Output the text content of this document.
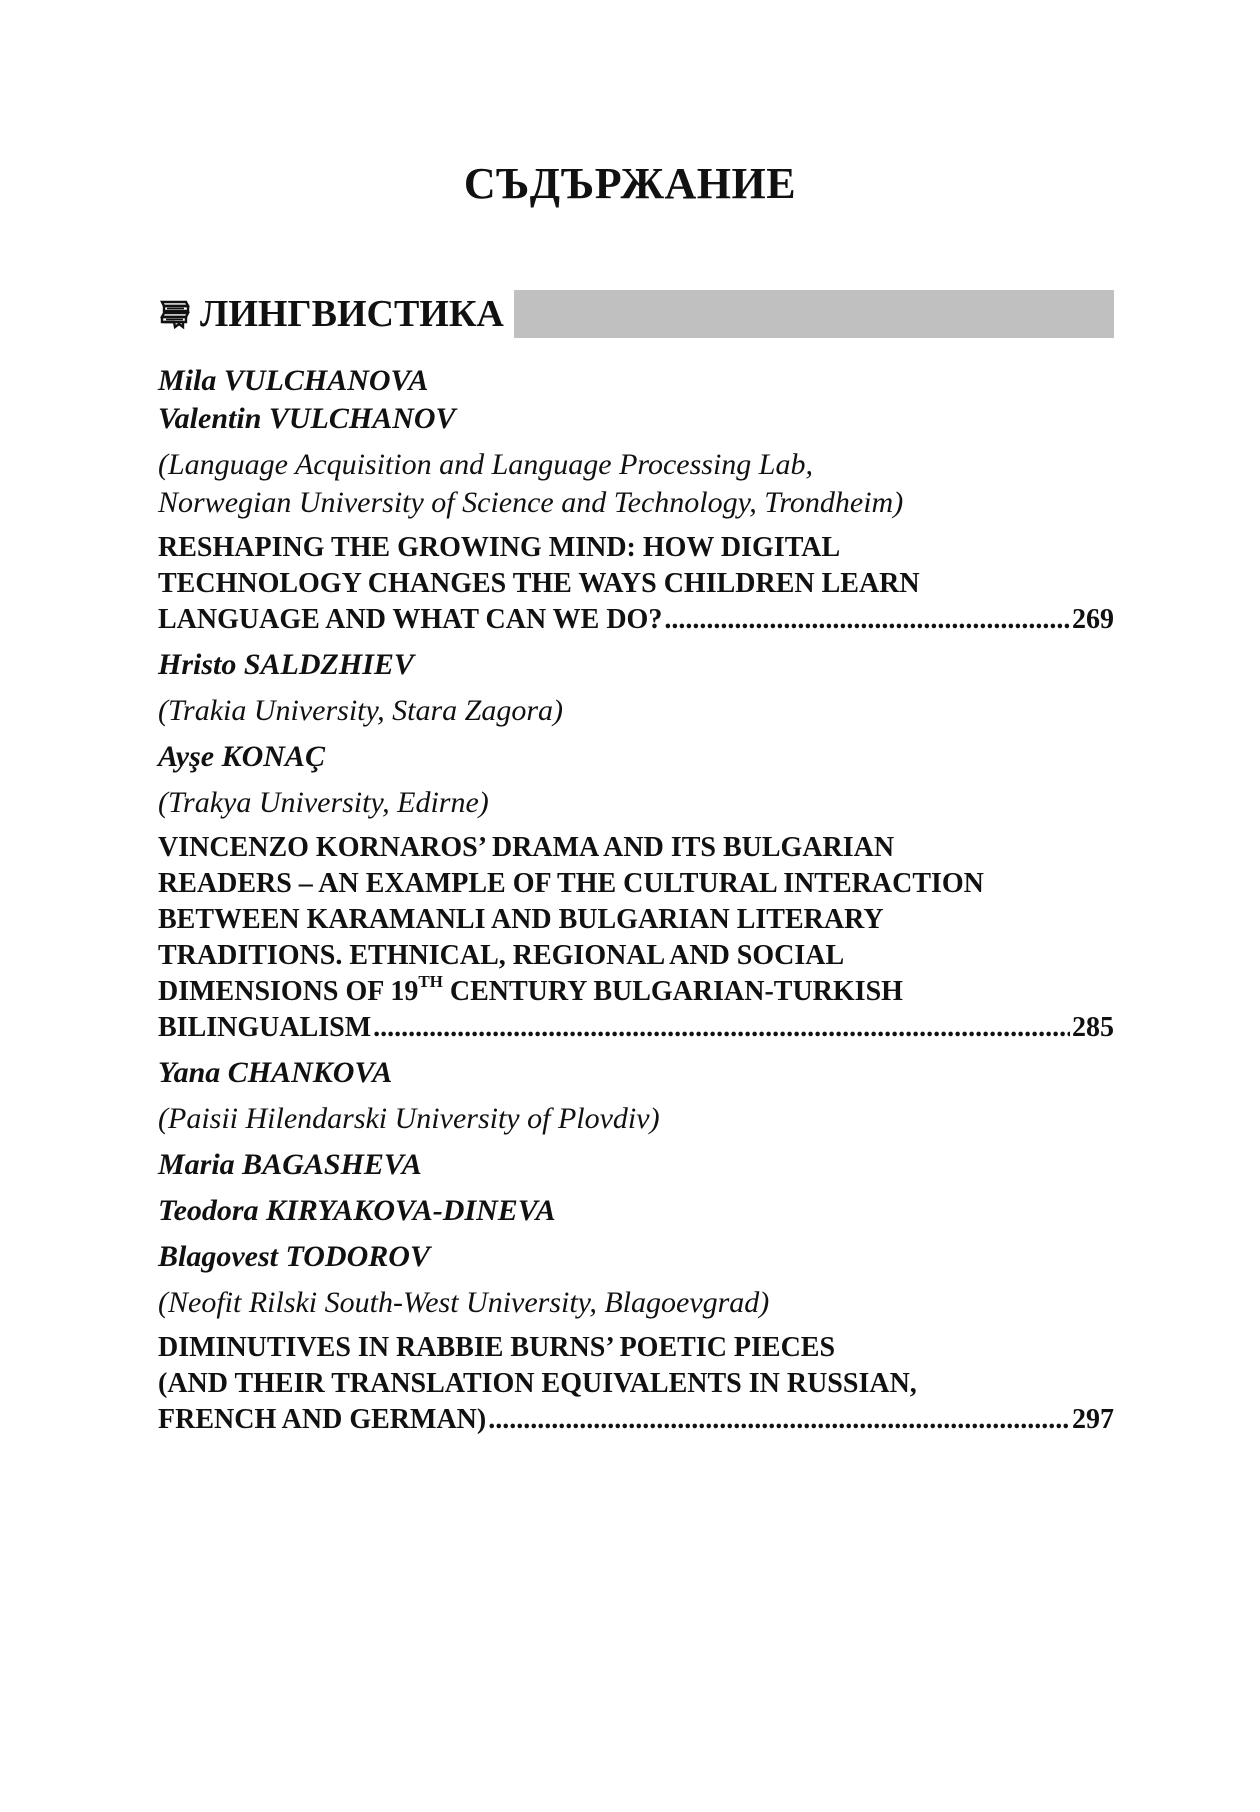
СЪДЪРЖАНИЕ
ЛИНГВИСТИКА

Mila VULCHANOVA

Valentin VULCHANOV

(Language Acquisition and Language Processing Lab,
Norwegian University of Science and Technology, Trondheim)

RESHAPING THE GROWING MIND: HOW DIGITAL
TECHNOLOGY CHANGES THE WAYS CHILDREN LEARN
LANGUAGE AND WHAT CAN WE DO? .....	269

Hristo SALDZHIEV

(Trakia University, Stara Zagora)

Ayşe KONAÇ

(Trakya University, Edirne)

VINCENZO KORNAROS’ DRAMA AND ITS BULGARIAN
READERS – AN EXAMPLE OF THE CULTURAL INTERACTION
BETWEEN KARAMANLI AND BULGARIAN LITERARY
TRADITIONS. ETHNICAL, REGIONAL AND SOCIAL
DIMENSIONS OF 19TH CENTURY BULGARIAN-TURKISH
BILINGUALISM .....	285

Yana CHANKOVA

(Paisii Hilendarski University of Plovdiv)

Maria BAGASHEVA

Teodora KIRYAKOVA-DINEVA

Blagovest TODOROV

(Neofit Rilski South-West University, Blagoevgrad)

DIMINUTIVES IN RABBIE BURNS’ POETIC PIECES
(AND THEIR TRANSLATION EQUIVALENTS IN RUSSIAN,
FRENCH AND GERMAN) .....	297
